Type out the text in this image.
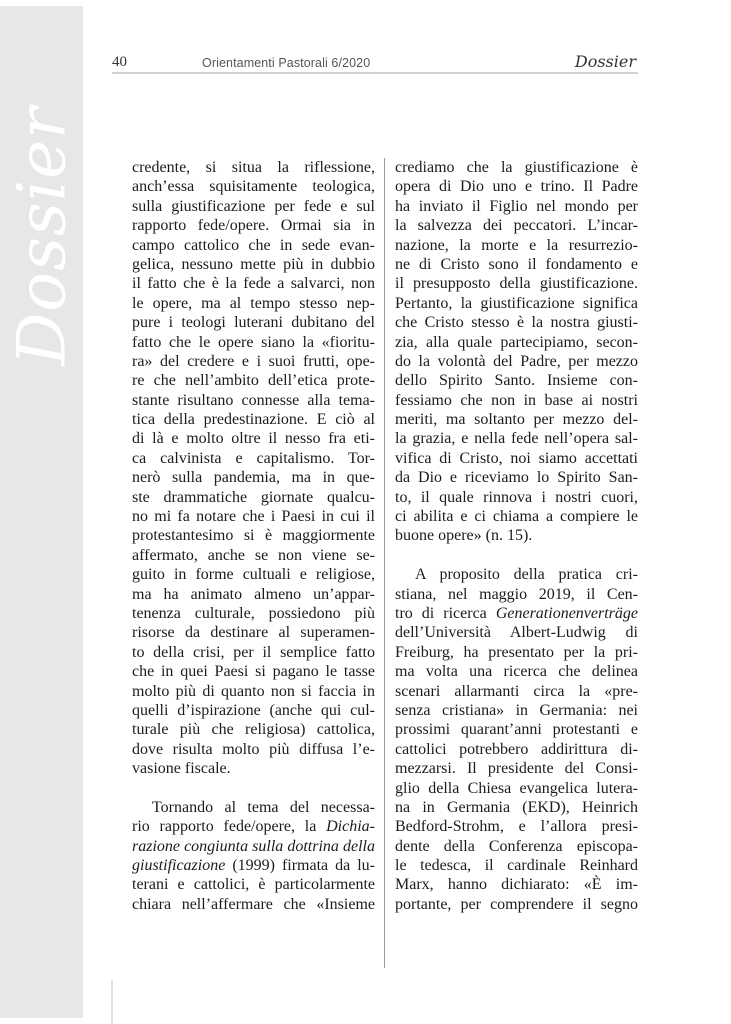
Dossier
40	Orientamenti Pastorali 6/2020	Dossier
credente, si situa la riflessione,
anch’essa squisitamente teologica,
sulla giustificazione per fede e sul
rapporto fede/opere. Ormai sia in
campo cattolico che in sede evan-
gelica, nessuno mette più in dubbio
il fatto che è la fede a salvarci, non
le opere, ma al tempo stesso nep-
pure i teologi luterani dubitano del
fatto che le opere siano la «fioritu-
ra» del credere e i suoi frutti, ope-
re che nell’ambito dell’etica prote-
stante risultano connesse alla tema-
tica della predestinazione. E ciò al
di là e molto oltre il nesso fra eti-
ca calvinista e capitalismo. Tor-
nerò sulla pandemia, ma in que-
ste drammatiche giornate qualcu-
no mi fa notare che i Paesi in cui il
protestantesimo si è maggiormente
affermato, anche se non viene se-
guito in forme cultuali e religiose,
ma ha animato almeno un’appar-
tenenza culturale, possiedono più
risorse da destinare al superamen-
to della crisi, per il semplice fatto
che in quei Paesi si pagano le tasse
molto più di quanto non si faccia in
quelli d’ispirazione (anche qui cul-
turale più che religiosa) cattolica,
dove risulta molto più diffusa l’e-
vasione fiscale.
Tornando al tema del necessa-
rio rapporto fede/opere, la Dichia-
razione congiunta sulla dottrina della
giustificazione (1999) firmata da lu-
terani e cattolici, è particolarmente
chiara nell’affermare che «Insieme
crediamo che la giustificazione è
opera di Dio uno e trino. Il Padre
ha inviato il Figlio nel mondo per
la salvezza dei peccatori. L’incar-
nazione, la morte e la resurrezio-
ne di Cristo sono il fondamento e
il presupposto della giustificazione.
Pertanto, la giustificazione significa
che Cristo stesso è la nostra giusti-
zia, alla quale partecipiamo, secon-
do la volontà del Padre, per mezzo
dello Spirito Santo. Insieme con-
fessiamo che non in base ai nostri
meriti, ma soltanto per mezzo del-
la grazia, e nella fede nell’opera sal-
vifica di Cristo, noi siamo accettati
da Dio e riceviamo lo Spirito San-
to, il quale rinnova i nostri cuori,
ci abilita e ci chiama a compiere le
buone opere» (n. 15).
A proposito della pratica cri-
stiana, nel maggio 2019, il Cen-
tro di ricerca Generationenverträge
dell’Università Albert-Ludwig di
Freiburg, ha presentato per la pri-
ma volta una ricerca che delinea
scenari allarmanti circa la «pre-
senza cristiana» in Germania: nei
prossimi quarant’anni protestanti e
cattolici potrebbero addirittura di-
mezzarsi. Il presidente del Consi-
glio della Chiesa evangelica lutera-
na in Germania (EKD), Heinrich
Bedford-Strohm, e l’allora presi-
dente della Conferenza episcopa-
le tedesca, il cardinale Reinhard
Marx, hanno dichiarato: «È im-
portante, per comprendere il segno
